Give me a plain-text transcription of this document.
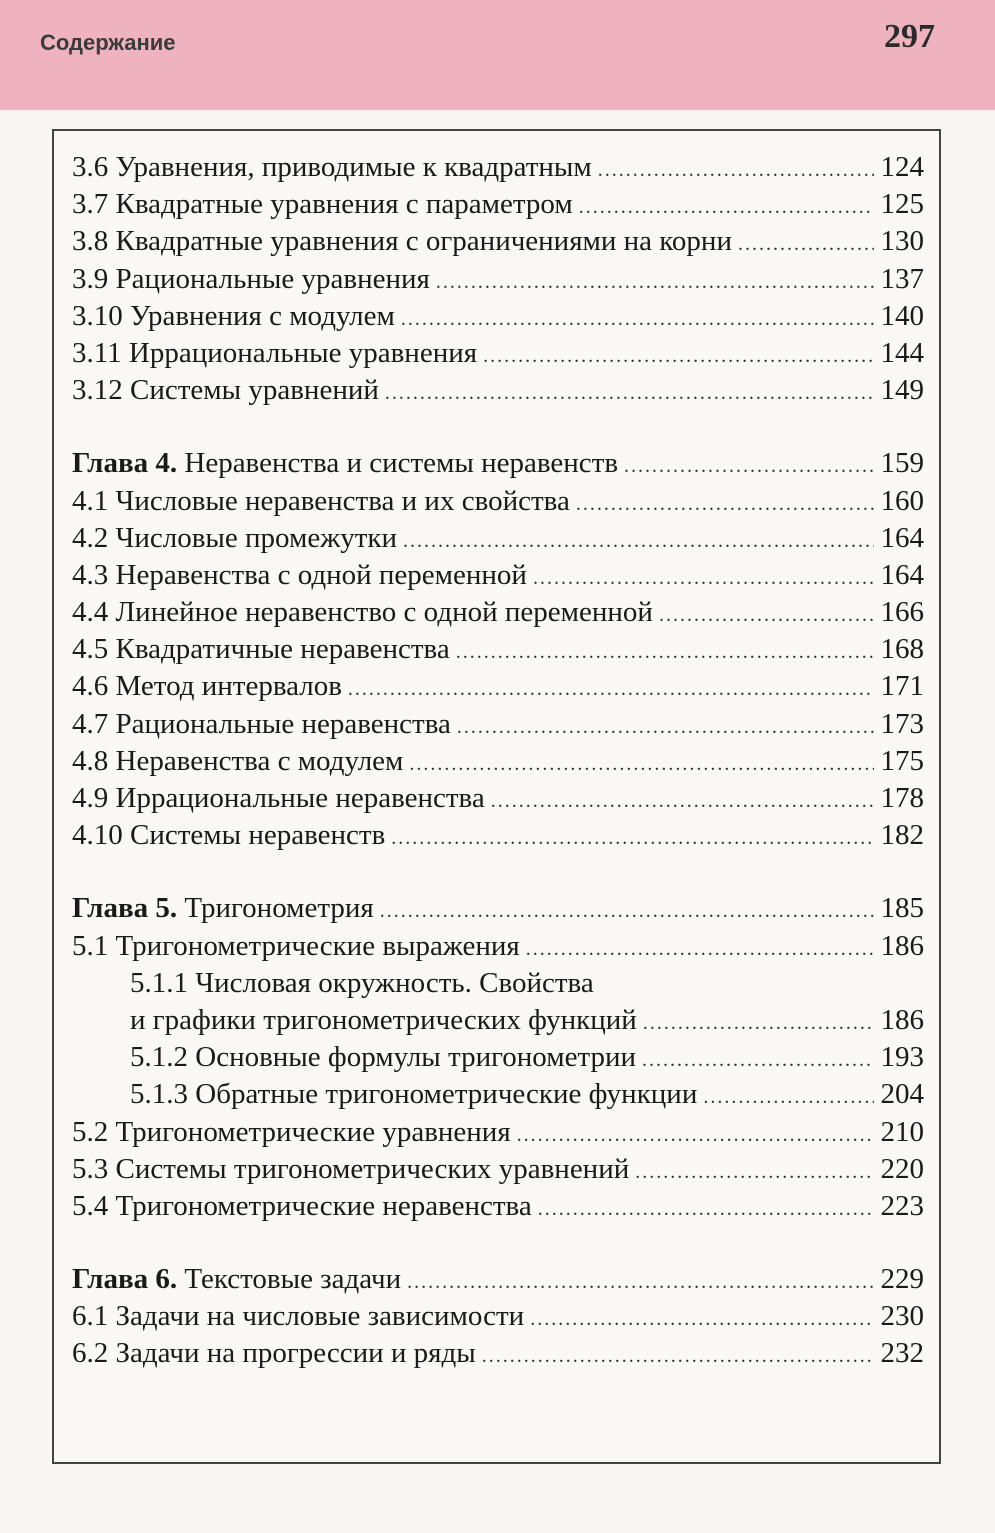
Содержание	297
3.6 Уравнения, приводимые к квадратным .....	124
3.7 Квадратные уравнения с параметром .....	125
3.8 Квадратные уравнения с ограничениями на корни .....	130
3.9 Рациональные уравнения .....	137
3.10 Уравнения с модулем .....	140
3.11 Иррациональные уравнения .....	144
3.12 Системы уравнений .....	149
Глава 4. Неравенства и системы неравенств .....	159
4.1 Числовые неравенства и их свойства .....	160
4.2 Числовые промежутки .....	164
4.3 Неравенства с одной переменной .....	164
4.4 Линейное неравенство с одной переменной .....	166
4.5 Квадратичные неравенства .....	168
4.6 Метод интервалов .....	171
4.7 Рациональные неравенства .....	173
4.8 Неравенства с модулем .....	175
4.9 Иррациональные неравенства .....	178
4.10 Системы неравенств .....	182
Глава 5. Тригонометрия .....	185
5.1 Тригонометрические выражения .....	186
5.1.1 Числовая окружность. Свойства
и графики тригонометрических функций .....	186
5.1.2 Основные формулы тригонометрии .....	193
5.1.3 Обратные тригонометрические функции .....	204
5.2 Тригонометрические уравнения .....	210
5.3 Системы тригонометрических уравнений .....	220
5.4 Тригонометрические неравенства .....	223
Глава 6. Текстовые задачи .....	229
6.1 Задачи на числовые зависимости .....	230
6.2 Задачи на прогрессии и ряды .....	232
